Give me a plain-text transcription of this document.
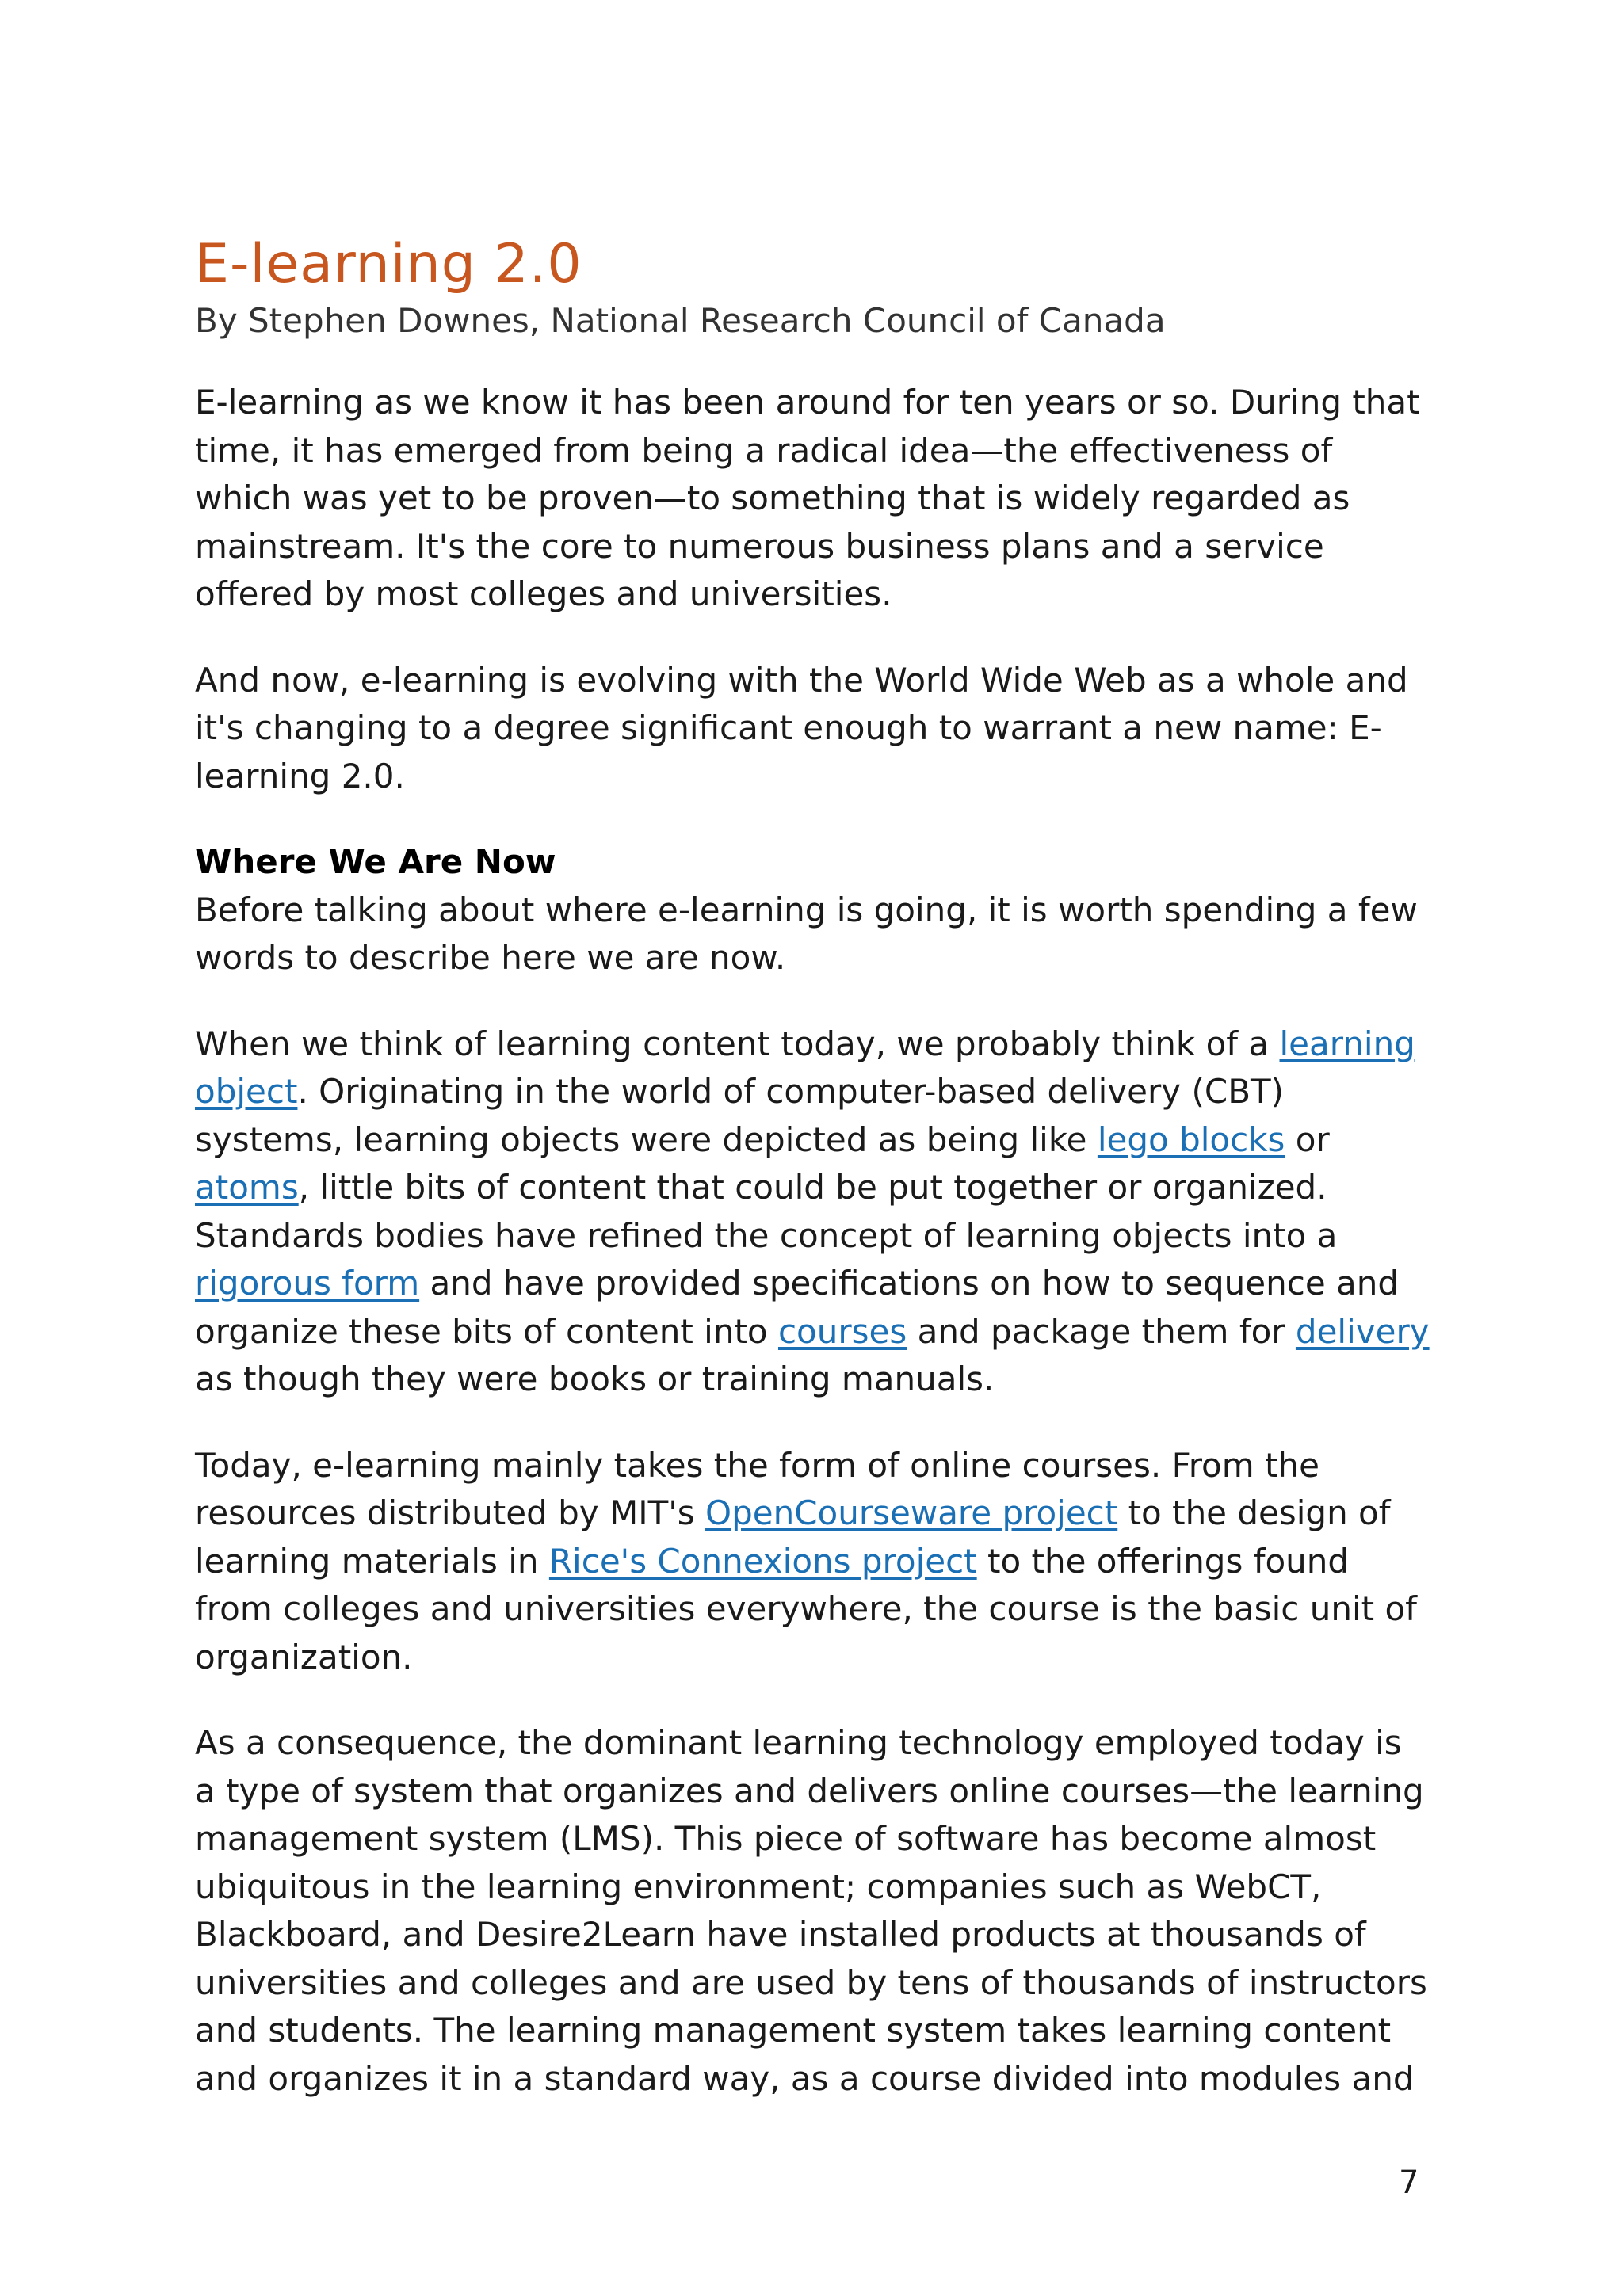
E-learning 2.0
By Stephen Downes, National Research Council of Canada

E-learning as we know it has been around for ten years or so. During that time, it has emerged from being a radical idea—the effectiveness of which was yet to be proven—to something that is widely regarded as mainstream. It's the core to numerous business plans and a service offered by most colleges and universities.

And now, e-learning is evolving with the World Wide Web as a whole and it's changing to a degree significant enough to warrant a new name: E-learning 2.0.

Where We Are Now

Before talking about where e-learning is going, it is worth spending a few words to describe here we are now.

When we think of learning content today, we probably think of a learning object. Originating in the world of computer-based delivery (CBT) systems, learning objects were depicted as being like lego blocks or atoms, little bits of content that could be put together or organized. Standards bodies have refined the concept of learning objects into a rigorous form and have provided specifications on how to sequence and organize these bits of content into courses and package them for delivery as though they were books or training manuals.

Today, e-learning mainly takes the form of online courses. From the resources distributed by MIT's OpenCourseware project to the design of learning materials in Rice's Connexions project to the offerings found from colleges and universities everywhere, the course is the basic unit of organization.

As a consequence, the dominant learning technology employed today is a type of system that organizes and delivers online courses—the learning management system (LMS). This piece of software has become almost ubiquitous in the learning environment; companies such as WebCT, Blackboard, and Desire2Learn have installed products at thousands of universities and colleges and are used by tens of thousands of instructors and students. The learning management system takes learning content and organizes it in a standard way, as a course divided into modules and

7
